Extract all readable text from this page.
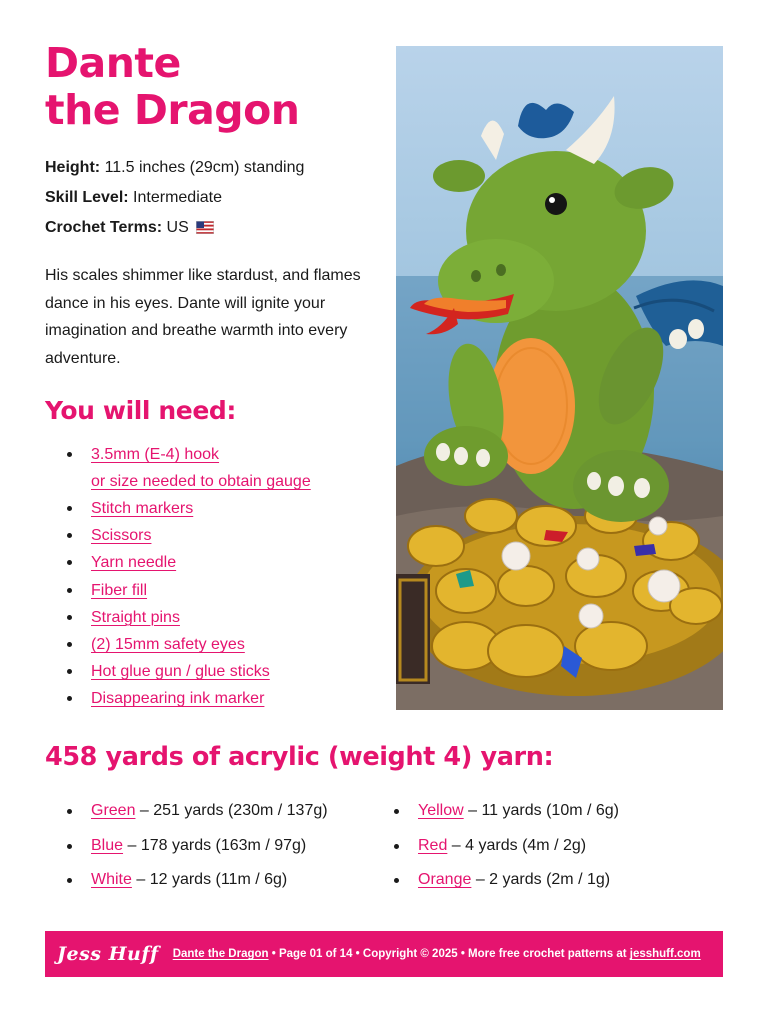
Dante
the Dragon
Height: 11.5 inches (29cm) standing
Skill Level: Intermediate
Crochet Terms: US

His scales shimmer like stardust, and flames dance in his eyes. Dante will ignite your imagination and breathe warmth into every adventure.

You will need:
3.5mm (E-4) hook
or size needed to obtain gauge
Stitch markers
Scissors
Yarn needle
Fiber fill
Straight pins
(2) 15mm safety eyes
Hot glue gun / glue sticks
Disappearing ink marker
458 yards of acrylic (weight 4) yarn:
Green – 251 yards (230m / 137g)
Blue – 178 yards (163m / 97g)
White – 12 yards (11m / 6g)
Yellow – 11 yards (10m / 6g)
Red – 4 yards (4m / 2g)
Orange – 2 yards (2m / 1g)
Jess Huff Dante the Dragon • Page 01 of 14 • Copyright © 2025 • More free crochet patterns at jesshuff.com
